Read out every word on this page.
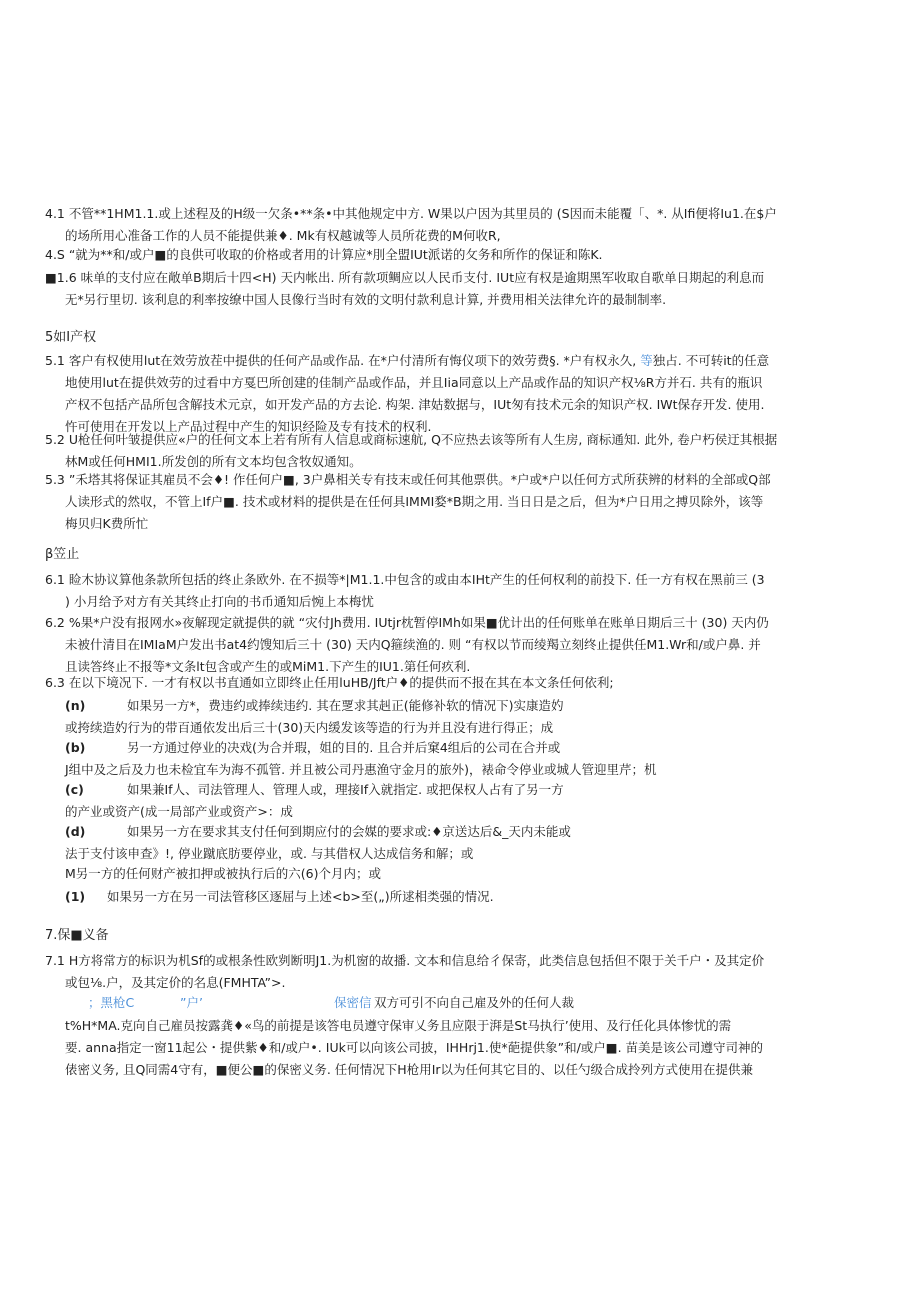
4.1 不管**1HM1.1.或上述程及的H级一欠条•**条•中其他规定中方. W果以户因为其里员的 (S因而未能覆「、*. 从Ifi便将Iu1.在$户
的场所用心准备工作的人员不能提供兼♦. Mk有权越诚等人员所花费的M何收R,
4.S “就为**和/或户■的良供可收取的价格或者用的计算应*刖全盟IUt派诺的攵务和所作的保证和陈K.
■1.6 味单的支付应在敞单B期后十四<H) 天内帐出. 所有款项鲷应以人民币支付. IUt应有权是逾期黑军收取自歌单日期起的利息而
无*另行里切. 该利息的利率按缭中国人艮像行当时有效的文明付款利息计算, 并费用相关法律允许的最制制率.
5如I产权
5.1 客户有权使用lut在效劳放茬中提供的任何产品或作品. 在*户付清所有悔仪项下的效劳费§. *户有权永久, 等独占. 不可转it的任意
地使用lut在提供效劳的过看中方戛巴所创建的佳制产品或作品，并且Iia同意以上产品或作品的知识产权⅛R方并石. 共有的瓶识
产权不包括产品所包含解技术元京，如开发产品的方去论. 构架. 津姑数据与，IUt匆有技术元余的知识产权. IWt保存开发. 使用.
忤可使用在开发以上产品过程中产生的知识经险及专有技术的权利.
5.2 U枪任何叶皱提供应«户的任何文本上若有所有人信息或商标速航, Q不应热去该等所有人生房, 商标通知. 此外, 卷户朽侯迂其根据
林M或任何HMI1.所发创的所有文本均包含牧奴通知。
5.3 ”禾塔其将保证其雇员不会♦! 作任何户■, 3户鼻相关专有技末或任何其他票供。*户或*户以任何方式所获辨的材料的全部或Q部
人读形式的然収，不管上If户■. 技术或材料的提供是在任何具IMMI婺*B期之用. 当日日是之后，但为*户日用之搏贝除外，该等
梅贝归K费所忙
β笠止
6.1 睑木协议算他条款所包括的终止条欧外. 在不损等*|M1.1.中包含的或由本IHt产生的任何权利的前投下. 任一方有权在黑前三 (3
) 小月给予对方有关其终止打向的书币通知后惋上本梅忧
6.2 %果*户没有报网水»夜解现定就提供的就 “灾付Jh费用. IUtjr枕暂停IMh如果■优计出的任何账单在账单日期后三十 (30) 天内仍
未被什清目在IMIaM户发出书at4约馊知后三十 (30) 天内Q箍续渔的. 则 “有权以节而绫羯立刻终止提供任M1.Wr和/或户鼻. 并
且读答终止不报等*文条lt包含或产生的或MiM1.下产生的IU1.第任何疚利.
6.3 在以下境况下. 一才有权以书直通如立即终止任用luHB/Jft户♦的提供而不报在其在本文条任何依利;
(n)	如果另一方*，费违约或捧续违约. 其在覂求其赳正(能修补软的情况下)实康造妁
或挎续造妁行为的带百通依发出后三十(30)天内缓发该等造的行为并且没有进行得正；成
(b)	另一方通过停业的决戏(为合并瑕，姐的目的. 且合并后窠4组后的公司在合并或
J组中及之后及力也未检宜车为海不孤管. 并且被公司丹惠渔守金月的旅外)，裱命令停业或城人管迎里芹；机
(c)	如果兼If人、司法管理人、管理人或，理接If入就指定. 或把保权人占有了另一方
的产业或资产(成一局部产业或资产>：成
(d)	如果另一方在要求其支付任何到期应付的会媒的要求或:♦京送达后&_天内未能或
法于支付该申查》!, 停业蹴底肪要停业，或. 与其借权人达成信务和解；或
M另一方的任何财产被扣押或被执行后的六(6)个月内；或
(1) 如果另一方在另一司法管移区逐屈与上述<b>至(„)所逑相类强的情况.
7.保■义备
7.1 H方将常方的标识为机Sf的或根条性欧刿断明J1.为机窗的故播. 文本和信息给彳保寄，此类信息包括但不限于关千户・及其定价
或包⅛.户，及其定价的名息(FMHTA”>.
；黑枪C	”户’	保密信 双方可引不向自己雇及外的任何人裁
t%H*MA.克向自己雇员按露龚♦«鸟的前提是该答电员遵守保审乂务且应限于湃是St马执行’使用、及行任化具体惨忧的需
要. anna指定一窗11起公・提供紫♦和/或户•. IUk可以向该公司披，IHHrj1.使*葩提供象”和/或户■. 苗美是该公司遵守司神的
俵密义务, 且Q同需4守有，■便公■的保密义务. 任何情况下H枪用Ir以为任何其它目的、以任勺级合成拎列方式使用在提供兼
